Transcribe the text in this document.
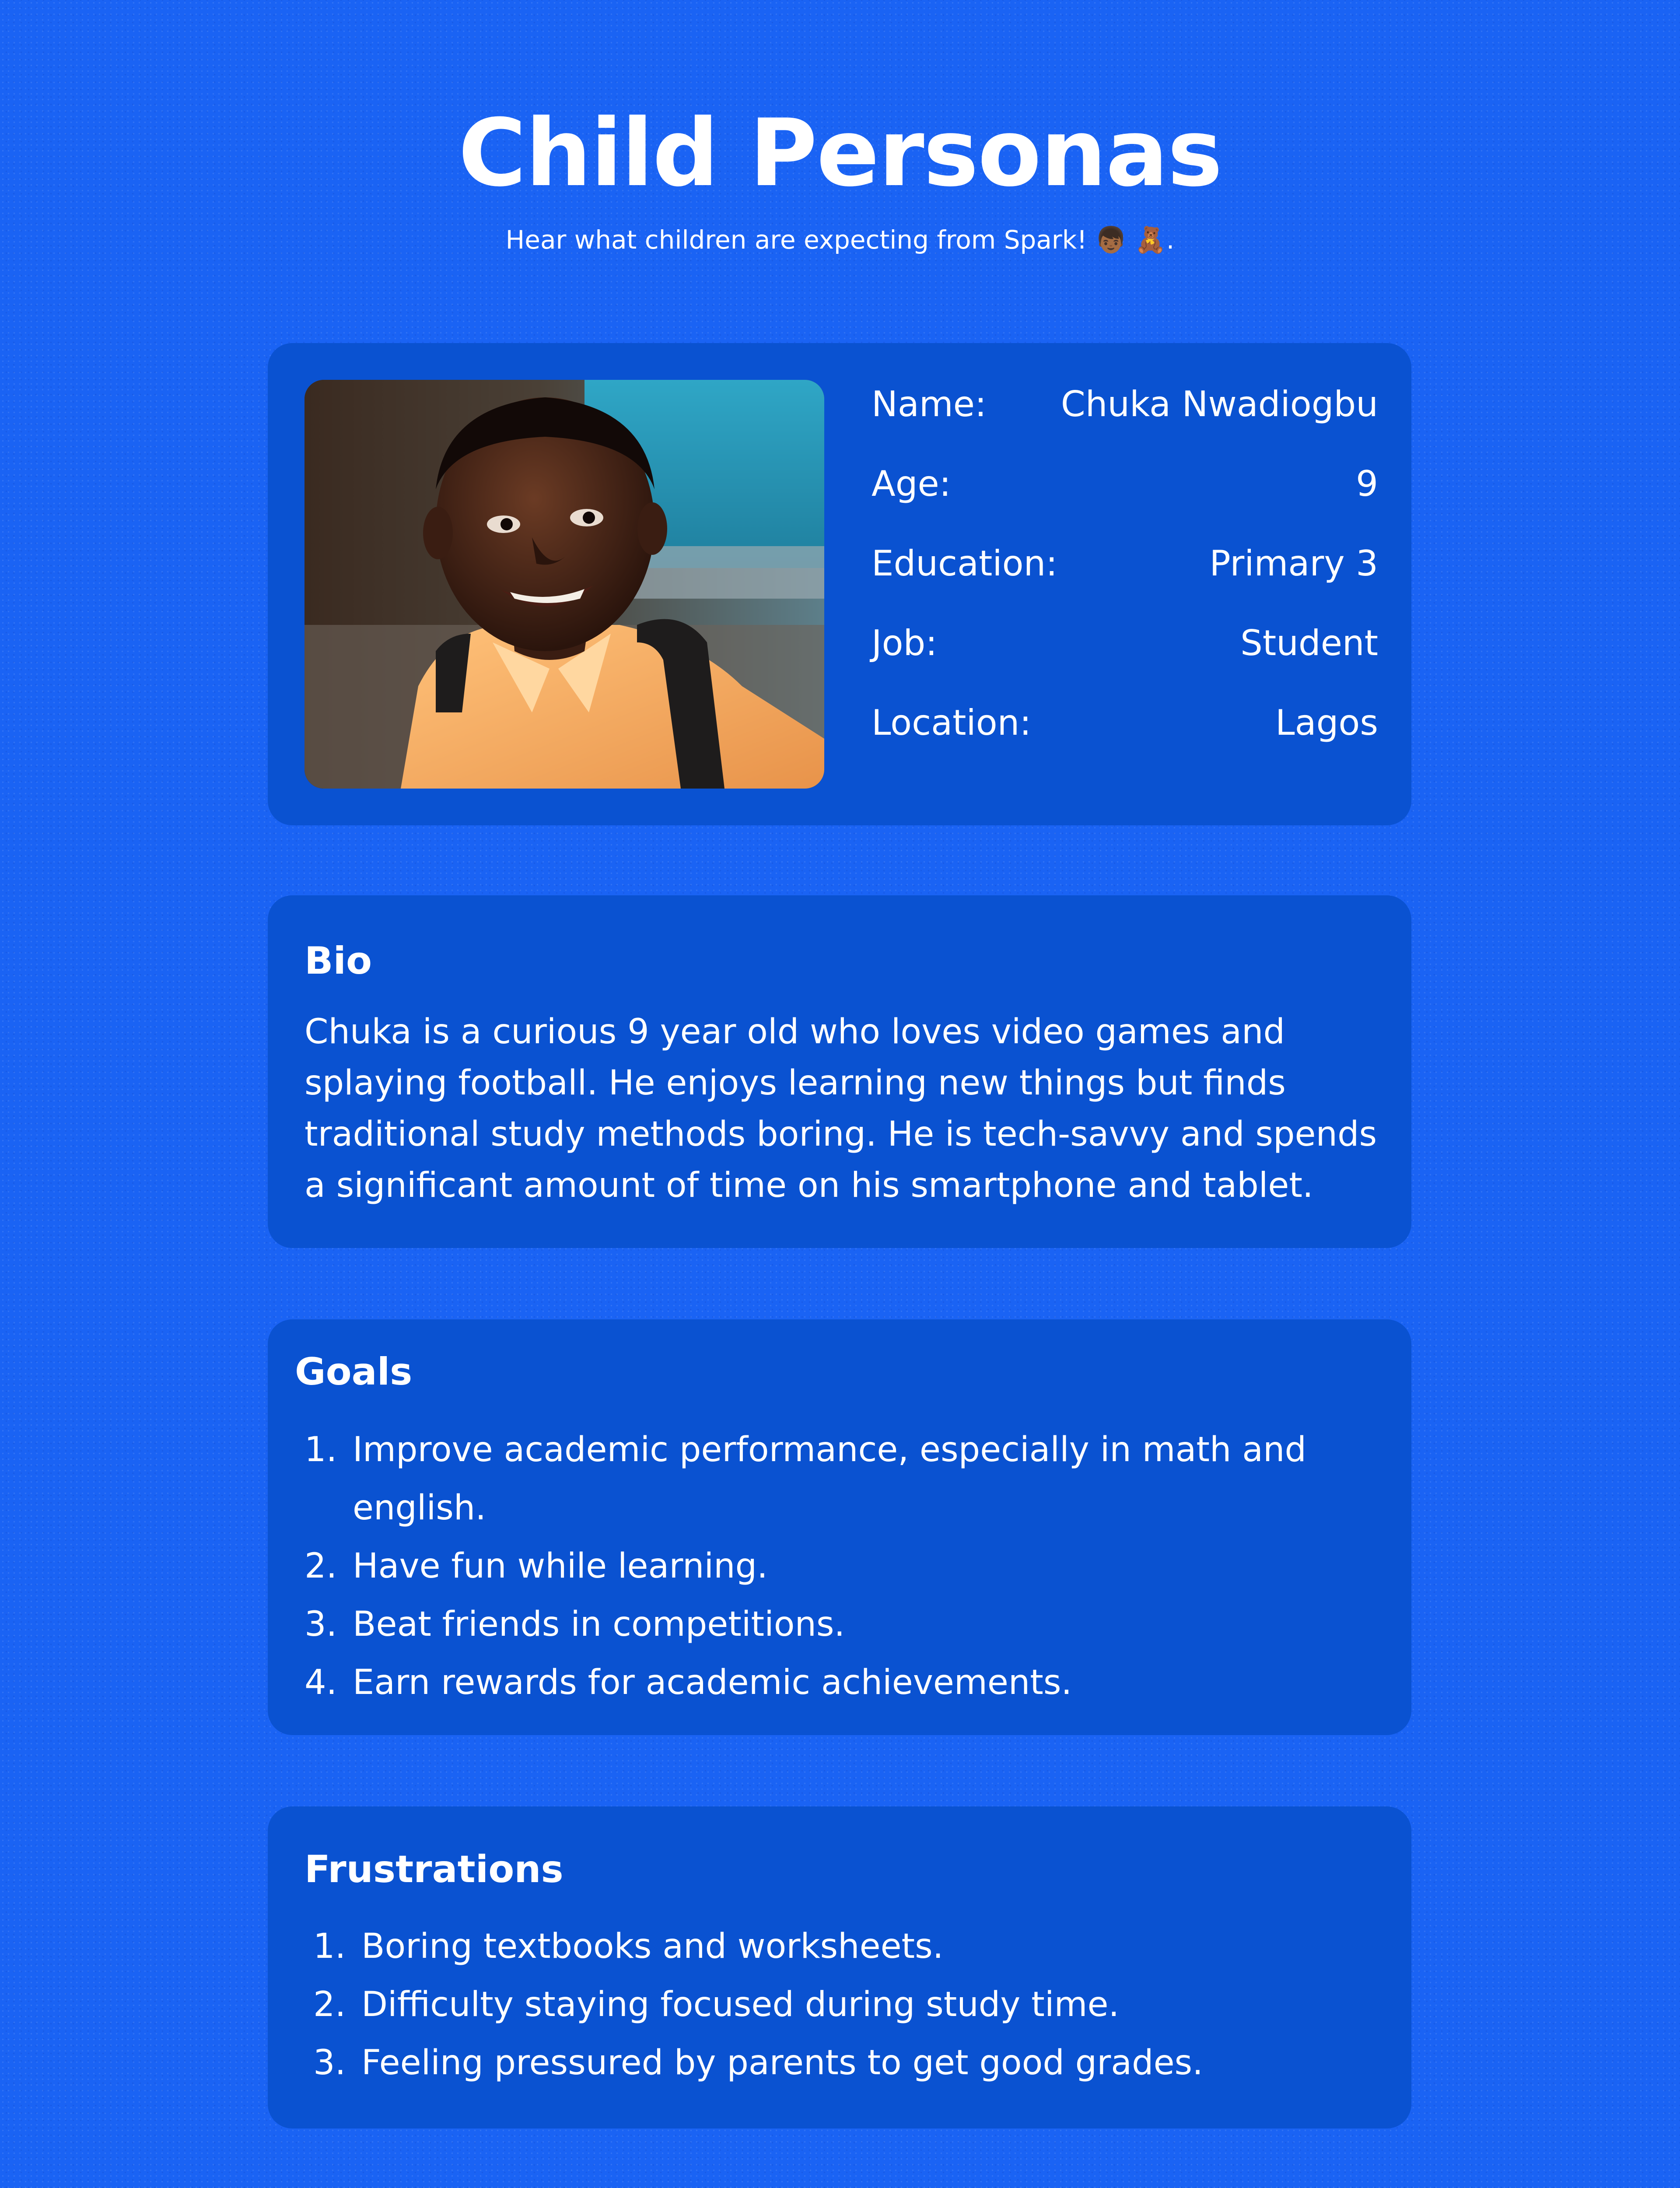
Child Personas

Hear what children are expecting from Spark! 👦🏾 🧸.

Name: Chuka Nwadiogbu
Age:	9
Education:	Primary 3
Job:	Student
Location:	Lagos
Bio

Chuka is a curious 9 year old who loves video games and splaying football. He enjoys learning new things but finds traditional study methods boring. He is tech-savvy and spends a significant amount of time on his smartphone and tablet.

Goals
1. Improve academic performance, especially in math and english.
2. Have fun while learning.
3. Beat friends in competitions.
4. Earn rewards for academic achievements.
Frustrations
1. Boring textbooks and worksheets.
2. Difficulty staying focused during study time.
3. Feeling pressured by parents to get good grades.
